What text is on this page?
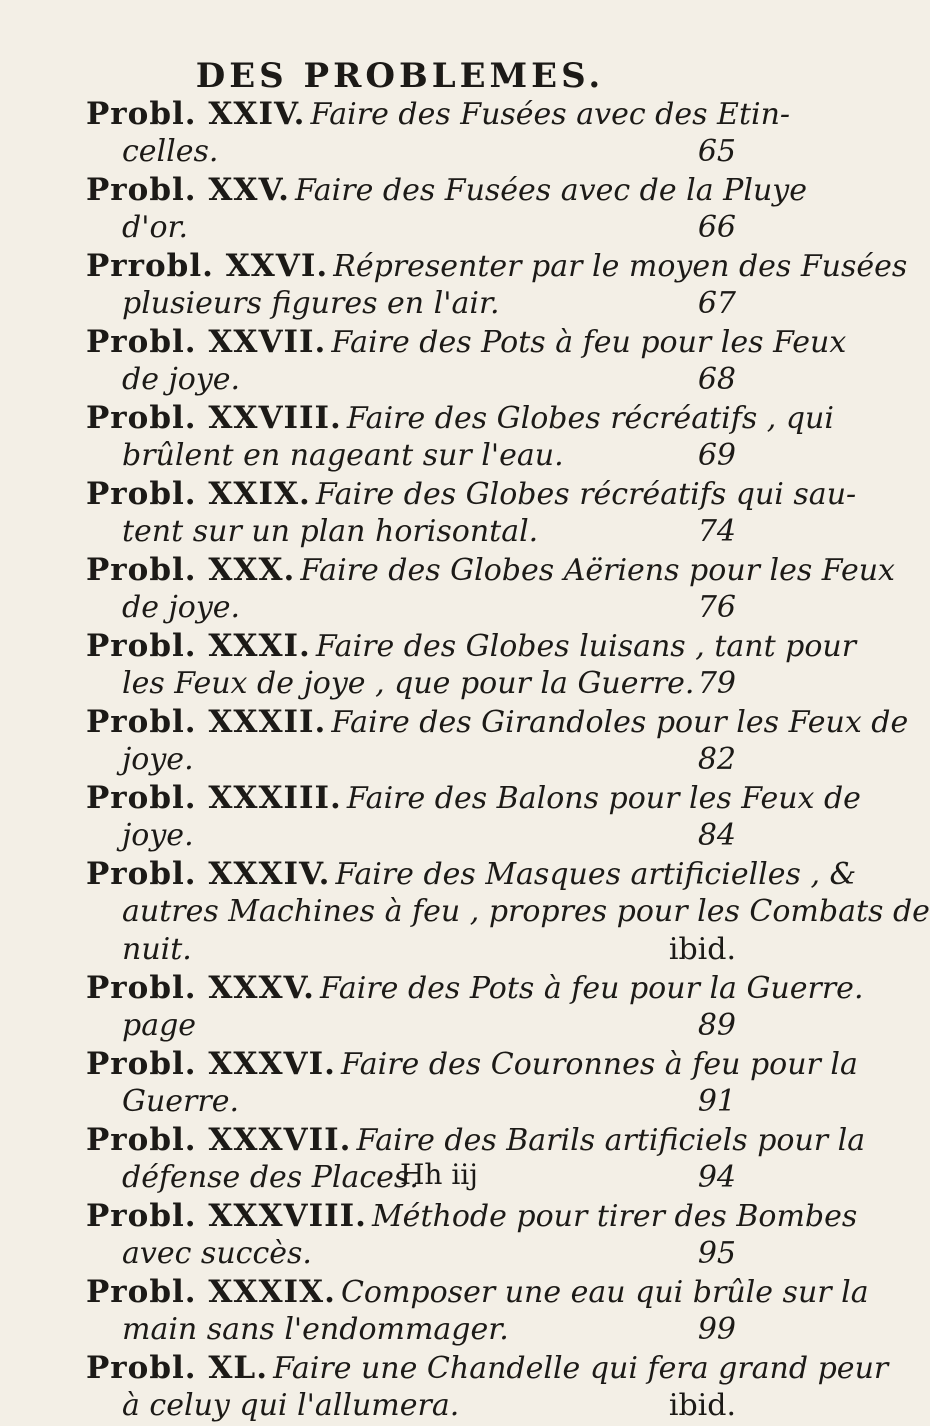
DES PROBLEMES.
Probl. XXIV. Faire des Fusées avec des Etin-
celles.	65
Probl. XXV. Faire des Fusées avec de la Pluye
d'or.	66
Prrobl. XXVI. Répresenter par le moyen des Fusées
plusieurs figures en l'air.	67
Probl. XXVII. Faire des Pots à feu pour les Feux
de joye.	68
Probl. XXVIII. Faire des Globes récréatifs , qui
brûlent en nageant sur l'eau.	69
Probl. XXIX. Faire des Globes récréatifs qui sau-
tent sur un plan horisontal.	74
Probl. XXX. Faire des Globes Aëriens pour les Feux
de joye.	76
Probl. XXXI. Faire des Globes luisans , tant pour
les Feux de joye , que pour la Guerre. 79
Probl. XXXII. Faire des Girandoles pour les Feux de
joye.	82
Probl. XXXIII. Faire des Balons pour les Feux de
joye.	84
Probl. XXXIV. Faire des Masques artificielles , &
autres Machines à feu , propres pour les Combats de
nuit.	ibid.
Probl. XXXV. Faire des Pots à feu pour la Guerre.
page	89
Probl. XXXVI. Faire des Couronnes à feu pour la
Guerre.	91
Probl. XXXVII. Faire des Barils artificiels pour la
défense des Places.	94
Probl. XXXVIII. Méthode pour tirer des Bombes
avec succès.	95
Probl. XXXIX. Composer une eau qui brûle sur la
main sans l'endommager.	99
Probl. XL. Faire une Chandelle qui fera grand peur
à celuy qui l'allumera.	ibid.
Hh iij
